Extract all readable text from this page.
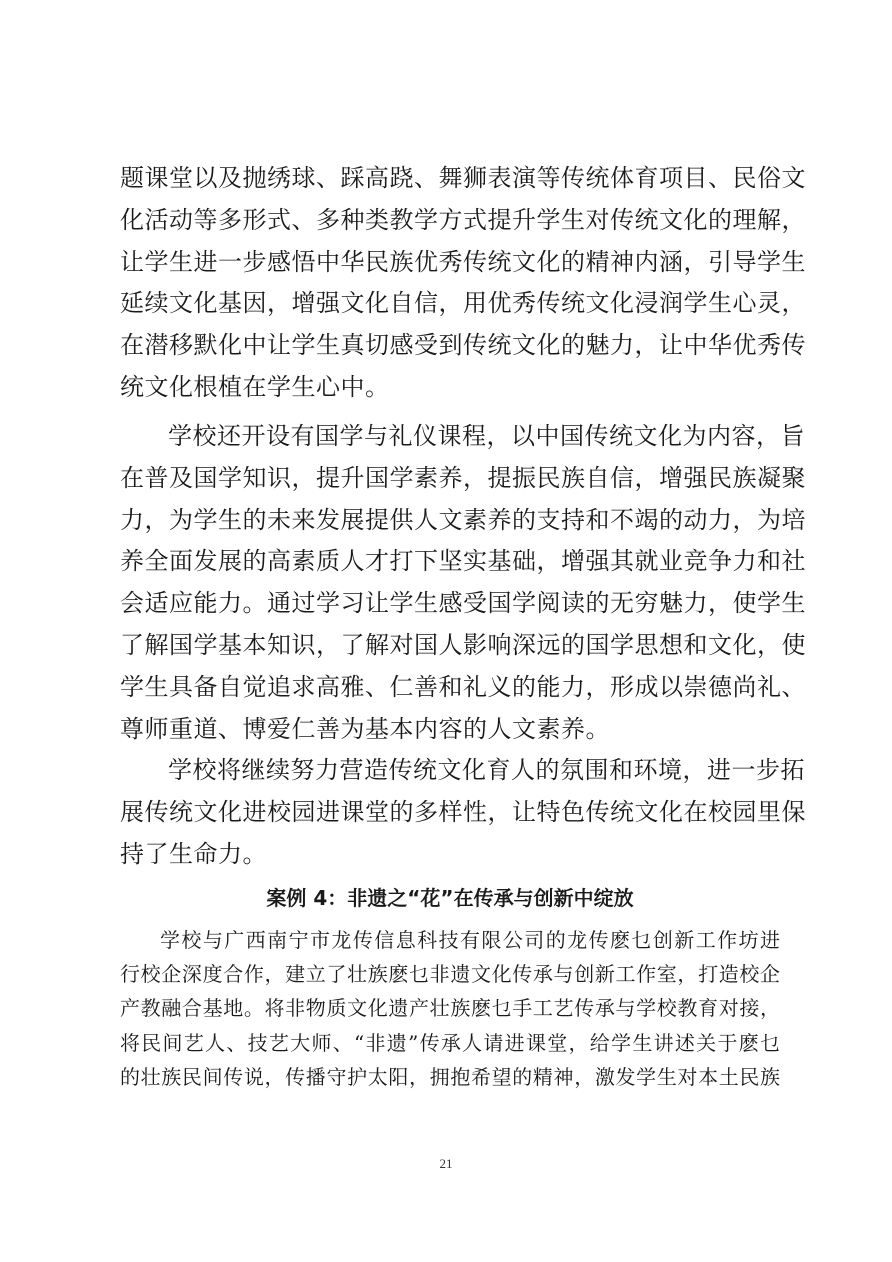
题课堂以及抛绣球、踩高跷、舞狮表演等传统体育项目、民俗文
化活动等多形式、多种类教学方式提升学生对传统文化的理解，
让学生进一步感悟中华民族优秀传统文化的精神内涵，引导学生
延续文化基因，增强文化自信，用优秀传统文化浸润学生心灵，
在潜移默化中让学生真切感受到传统文化的魅力，让中华优秀传
统文化根植在学生心中。
学校还开设有国学与礼仪课程，以中国传统文化为内容，旨
在普及国学知识，提升国学素养，提振民族自信，增强民族凝聚
力，为学生的未来发展提供人文素养的支持和不竭的动力，为培
养全面发展的高素质人才打下坚实基础，增强其就业竞争力和社
会适应能力。通过学习让学生感受国学阅读的无穷魅力，使学生
了解国学基本知识，了解对国人影响深远的国学思想和文化，使
学生具备自觉追求高雅、仁善和礼义的能力，形成以崇德尚礼、
尊师重道、博爱仁善为基本内容的人文素养。
学校将继续努力营造传统文化育人的氛围和环境，进一步拓
展传统文化进校园进课堂的多样性，让特色传统文化在校园里保
持了生命力。
案例 4：非遗之“花”在传承与创新中绽放
学校与广西南宁市龙传信息科技有限公司的龙传麽乜创新工作坊进
行校企深度合作，建立了壮族麽乜非遗文化传承与创新工作室，打造校企
产教融合基地。将非物质文化遗产壮族麽乜手工艺传承与学校教育对接，
将民间艺人、技艺大师、“非遗”传承人请进课堂，给学生讲述关于麽乜
的壮族民间传说，传播守护太阳，拥抱希望的精神，激发学生对本土民族
21
